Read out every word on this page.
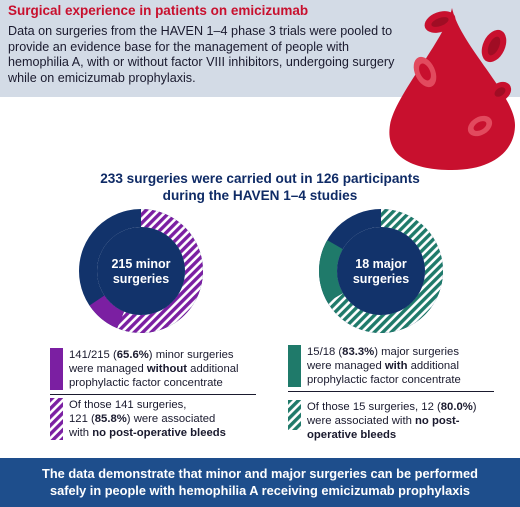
Surgical experience in patients on emicizumab
Data on surgeries from the HAVEN 1–4 phase 3 trials were pooled to provide an evidence base for the management of people with hemophilia A, with or without factor VIII inhibitors, undergoing surgery while on emicizumab prophylaxis.
233 surgeries were carried out in 126 participants
during the HAVEN 1–4 studies
215 minor
surgeries
18 major
surgeries
141/215 (65.6%) minor surgeries
were managed without additional
prophylactic factor concentrate
Of those 141 surgeries,
121 (85.8%) were associated
with no post-operative bleeds
15/18 (83.3%) major surgeries
were managed with additional
prophylactic factor concentrate
Of those 15 surgeries, 12 (80.0%)
were associated with no post-
operative bleeds
The data demonstrate that minor and major surgeries can be performed
safely in people with hemophilia A receiving emicizumab prophylaxis
